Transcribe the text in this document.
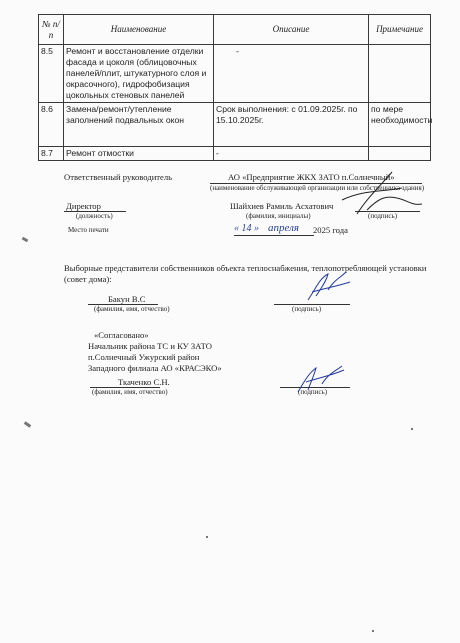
№ п/п	Наименование	Описание	Примечание
8.5	Ремонт и восстановление отделки фасада и цоколя (облицовочных панелей/плит, штукатурного слоя и окрасочного), гидрофобизация цокольных стеновых панелей	-	
8.6	Замена/ремонт/утепление заполнений подвальных окон	Срок выполнения: с 01.09.2025г. по 15.10.2025г.	по мере необходимости
8.7	Ремонт отмостки	-	
Ответственный руководитель	АО «Предприятие ЖКХ ЗАТО п.Солнечный»
(наименование обслуживающей организации или собственника здания)
Директор
(должность)
Шайхиев Рамиль Асхатович
(фамилия, инициалы)	(подпись)
Место печати	« 14 » апреля 2025 года
Выборные представители собственников объекта теплоснабжения, теплопотребляющей установки (совет дома):
Бакун В.С
(фамилия, имя, отчество)	(подпись)
«Согласовано»
Начальник района ТС и КУ ЗАТО
п.Солнечный Ужурский район
Западного филиала АО «КРАСЭКО»
Ткаченко С.Н.
(фамилия, имя, отчество)	(подпись)
